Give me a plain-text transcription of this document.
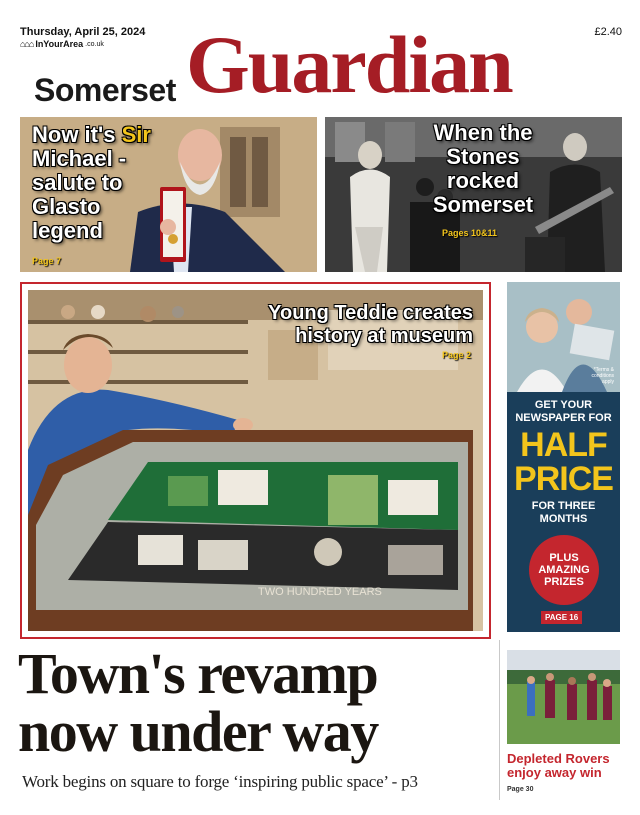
Thursday, April 25, 2024
⌂⌂⌂ InYourArea .co.uk
£2.40
Somerset Guardian
Now it's Sir
Michael -
salute to
Glasto
legend
Page 7
When the
Stones
rocked
Somerset
Pages 10&11
TWO HUNDRED YEARS
Young Teddie creates
history at museum
Page 2
*Terms &
conditions
apply
GET YOUR
NEWSPAPER FOR
HALF
PRICE
FOR THREE
MONTHS
PLUS
AMAZING
PRIZES
PAGE 16
Town's revamp
now under way
Work begins on square to forge ‘inspiring public space’ - p3
Depleted Rovers
enjoy away win
Page 30
